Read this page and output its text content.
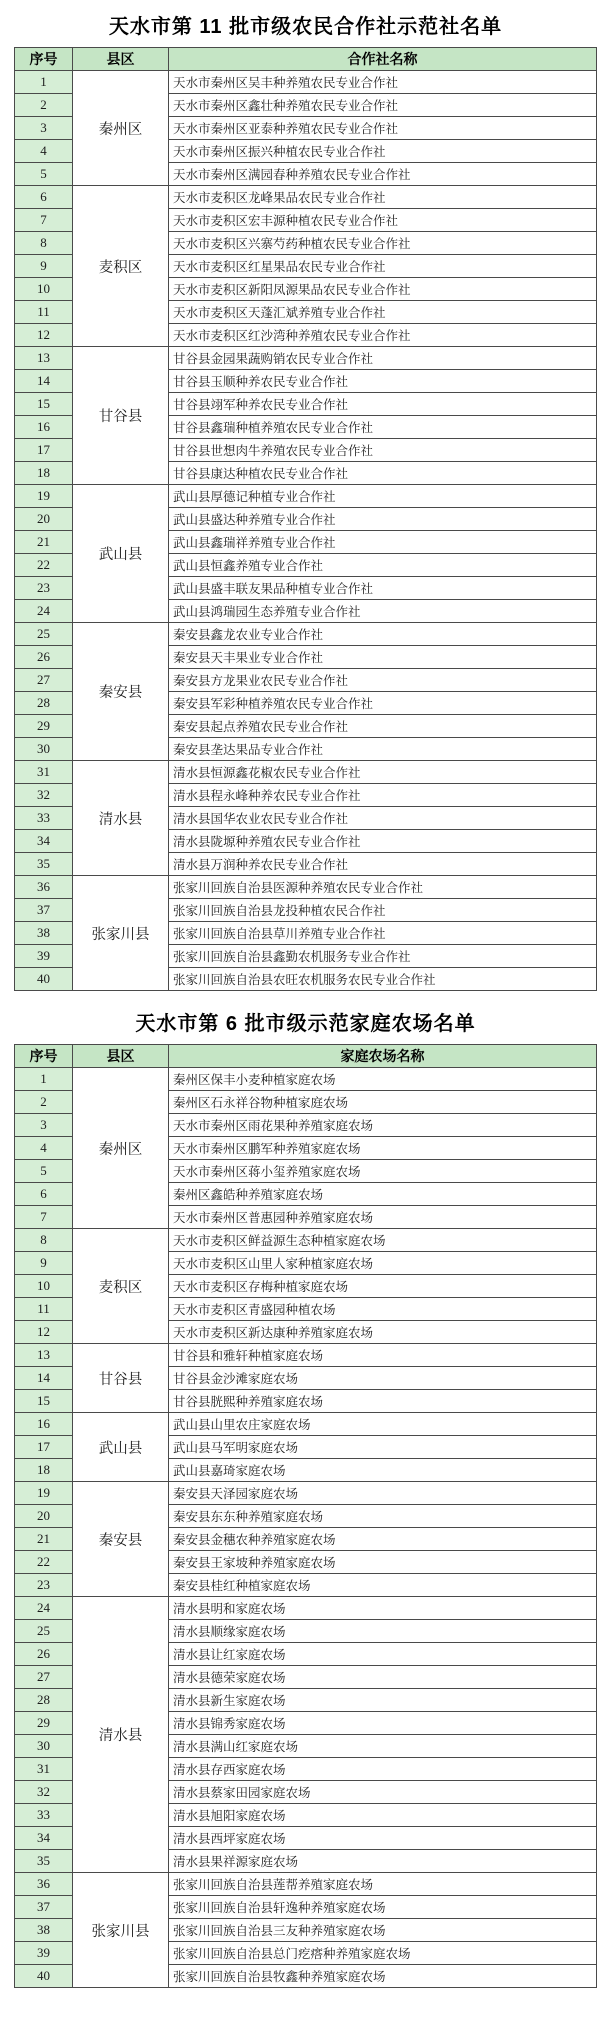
天水市第 11 批市级农民合作社示范社名单
序号	县区	合作社名称
1	秦州区	天水市秦州区吴丰种养殖农民专业合作社
2		天水市秦州区鑫壮种养殖农民专业合作社
3		天水市秦州区亚泰种养殖农民专业合作社
4		天水市秦州区振兴种植农民专业合作社
5		天水市秦州区满园春种养殖农民专业合作社
6	麦积区	天水市麦积区龙峰果品农民专业合作社
7		天水市麦积区宏丰源种植农民专业合作社
8		天水市麦积区兴寨芍药种植农民专业合作社
9		天水市麦积区红星果品农民专业合作社
10		天水市麦积区新阳凤源果品农民专业合作社
11		天水市麦积区天蓬汇斌养殖专业合作社
12		天水市麦积区红沙湾种养殖农民专业合作社
13	甘谷县	甘谷县金园果蔬购销农民专业合作社
14		甘谷县玉顺种养农民专业合作社
15		甘谷县翊军种养农民专业合作社
16		甘谷县鑫瑞种植养殖农民专业合作社
17		甘谷县世想肉牛养殖农民专业合作社
18		甘谷县康达种植农民专业合作社
19	武山县	武山县厚德记种植专业合作社
20		武山县盛达种养殖专业合作社
21		武山县鑫瑞祥养殖专业合作社
22		武山县恒鑫养殖专业合作社
23		武山县盛丰联友果品种植专业合作社
24		武山县鸿瑞园生态养殖专业合作社
25	秦安县	秦安县鑫龙农业专业合作社
26		秦安县天丰果业专业合作社
27		秦安县方龙果业农民专业合作社
28		秦安县军彩种植养殖农民专业合作社
29		秦安县起点养殖农民专业合作社
30		秦安县垄达果品专业合作社
31	清水县	清水县恒源鑫花椒农民专业合作社
32		清水县程永峰种养农民专业合作社
33		清水县国华农业农民专业合作社
34		清水县陇塬种养殖农民专业合作社
35		清水县万润种养农民专业合作社
36	张家川县	张家川回族自治县医源种养殖农民专业合作社
37		张家川回族自治县龙投种植农民合作社
38		张家川回族自治县草川养殖专业合作社
39		张家川回族自治县鑫勤农机服务专业合作社
40		张家川回族自治县农旺农机服务农民专业合作社
天水市第 6 批市级示范家庭农场名单
序号	县区	家庭农场名称
1	秦州区	秦州区保丰小麦种植家庭农场
2		秦州区石永祥谷物种植家庭农场
3		天水市秦州区雨花果种养殖家庭农场
4		天水市秦州区鹏军种养殖家庭农场
5		天水市秦州区蒋小玺养殖家庭农场
6		秦州区鑫皓种养殖家庭农场
7		天水市秦州区普惠园种养殖家庭农场
8	麦积区	天水市麦积区鲜益源生态种植家庭农场
9		天水市麦积区山里人家种植家庭农场
10		天水市麦积区存梅种植家庭农场
11		天水市麦积区青盛园种植农场
12		天水市麦积区新达康种养殖家庭农场
13	甘谷县	甘谷县和雅轩种植家庭农场
14		甘谷县金沙滩家庭农场
15		甘谷县胱熙种养殖家庭农场
16	武山县	武山县山里农庄家庭农场
17		武山县马军明家庭农场
18		武山县嘉琦家庭农场
19	秦安县	秦安县天泽园家庭农场
20		秦安县东东种养殖家庭农场
21		秦安县金穗农种养殖家庭农场
22		秦安县王家坡种养殖家庭农场
23		秦安县桂红种植家庭农场
24	清水县	清水县明和家庭农场
25		清水县顺缘家庭农场
26		清水县让红家庭农场
27		清水县德荣家庭农场
28		清水县新生家庭农场
29		清水县锦秀家庭农场
30		清水县满山红家庭农场
31		清水县存西家庭农场
32		清水县蔡家田园家庭农场
33		清水县旭阳家庭农场
34		清水县西坪家庭农场
35		清水县果祥源家庭农场
36	张家川县	张家川回族自治县莲帮养殖家庭农场
37		张家川回族自治县轩逸种养殖家庭农场
38		张家川回族自治县三友种养殖家庭农场
39		张家川回族自治县总门疙瘩种养殖家庭农场
40		张家川回族自治县牧鑫种养殖家庭农场
